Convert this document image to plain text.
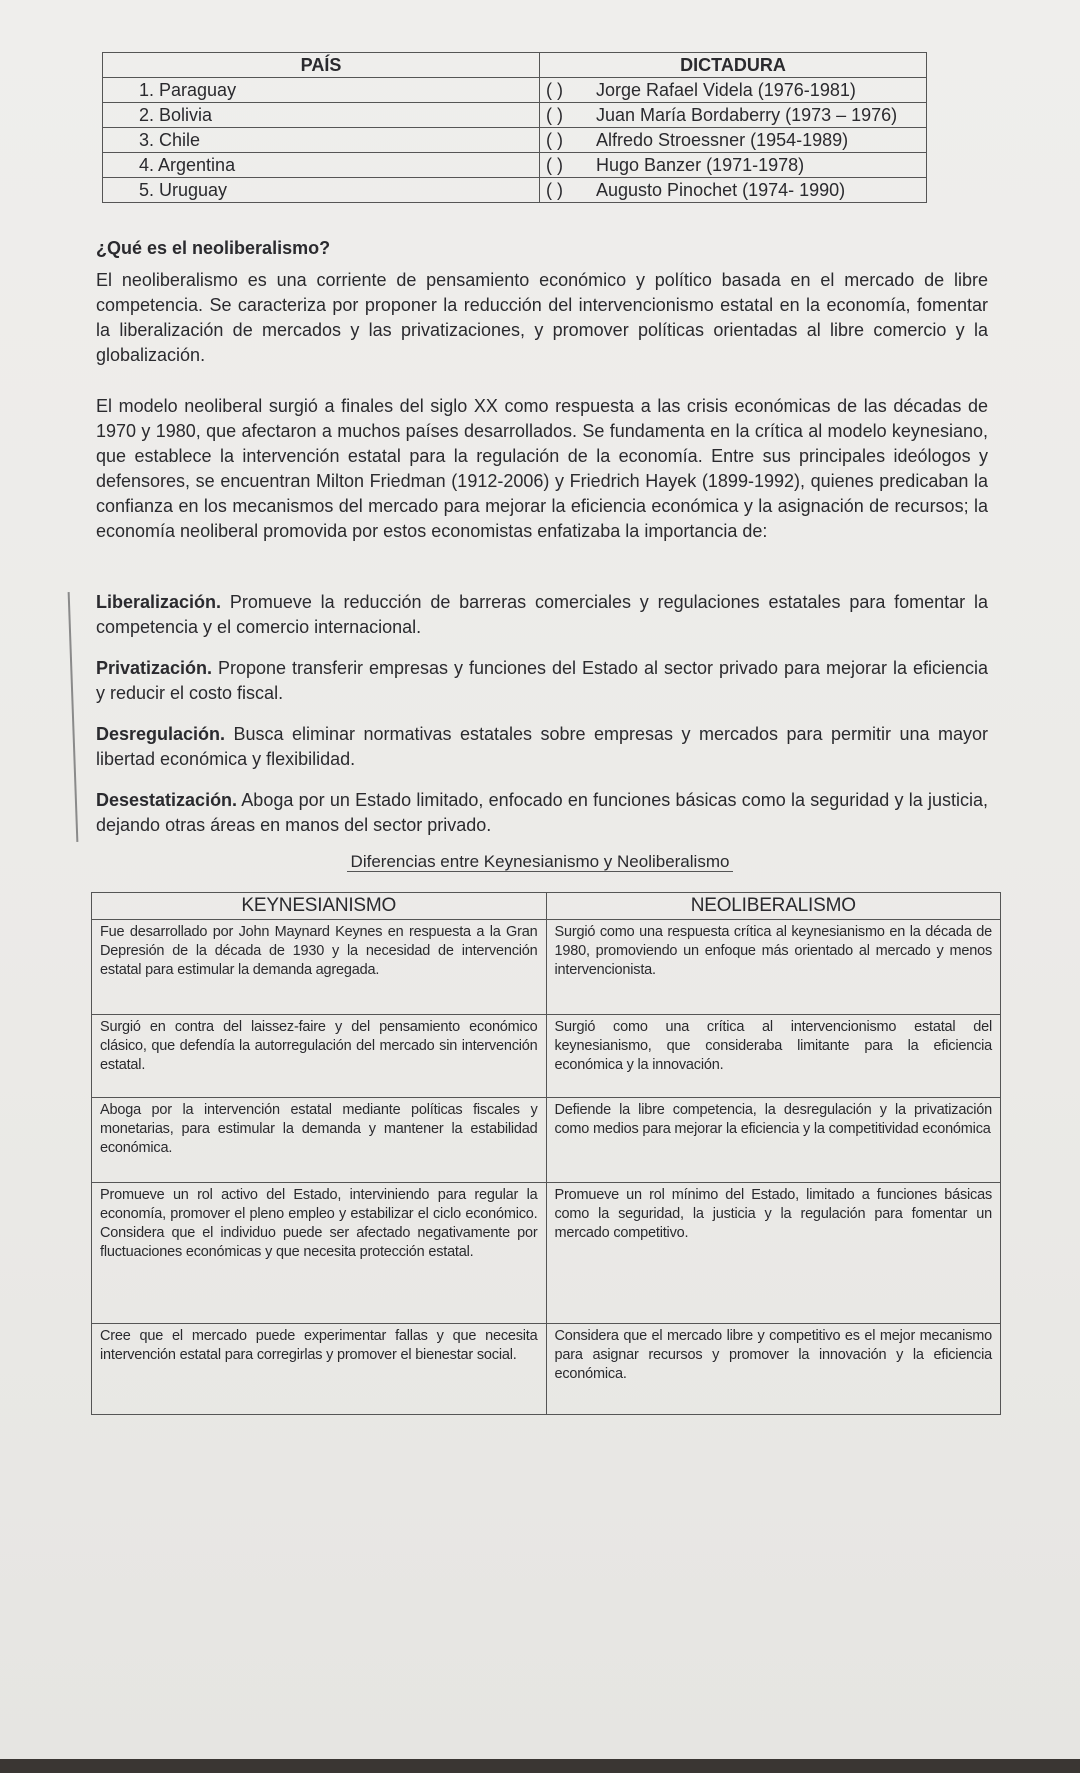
PAÍS	DICTADURA
1. Paraguay	( ) Jorge Rafael Videla (1976-1981)
2. Bolivia	( ) Juan María Bordaberry (1973 – 1976)
3. Chile	( ) Alfredo Stroessner (1954-1989)
4. Argentina	( ) Hugo Banzer (1971-1978)
5. Uruguay	( ) Augusto Pinochet (1974- 1990)
¿Qué es el neoliberalismo?

El neoliberalismo es una corriente de pensamiento económico y político basada en el mercado de libre competencia. Se caracteriza por proponer la reducción del intervencionismo estatal en la economía, fomentar la liberalización de mercados y las privatizaciones, y promover políticas orientadas al libre comercio y la globalización.

El modelo neoliberal surgió a finales del siglo XX como respuesta a las crisis económicas de las décadas de 1970 y 1980, que afectaron a muchos países desarrollados. Se fundamenta en la crítica al modelo keynesiano, que establece la intervención estatal para la regulación de la economía. Entre sus principales ideólogos y defensores, se encuentran Milton Friedman (1912-2006) y Friedrich Hayek (1899-1992), quienes predicaban la confianza en los mecanismos del mercado para mejorar la eficiencia económica y la asignación de recursos; la economía neoliberal promovida por estos economistas enfatizaba la importancia de:

Liberalización. Promueve la reducción de barreras comerciales y regulaciones estatales para fomentar la competencia y el comercio internacional.

Privatización. Propone transferir empresas y funciones del Estado al sector privado para mejorar la eficiencia y reducir el costo fiscal.

Desregulación. Busca eliminar normativas estatales sobre empresas y mercados para permitir una mayor libertad económica y flexibilidad.

Desestatización. Aboga por un Estado limitado, enfocado en funciones básicas como la seguridad y la justicia, dejando otras áreas en manos del sector privado.

Diferencias entre Keynesianismo y Neoliberalismo
KEYNESIANISMO	NEOLIBERALISMO
Fue desarrollado por John Maynard Keynes en respuesta a la Gran Depresión de la década de 1930 y la necesidad de intervención estatal para estimular la demanda agregada.	Surgió como una respuesta crítica al keynesianismo en la década de 1980, promoviendo un enfoque más orientado al mercado y menos intervencionista.
Surgió en contra del laissez-faire y del pensamiento económico clásico, que defendía la autorregulación del mercado sin intervención estatal.	Surgió como una crítica al intervencionismo estatal del keynesianismo, que consideraba limitante para la eficiencia económica y la innovación.
Aboga por la intervención estatal mediante políticas fiscales y monetarias, para estimular la demanda y mantener la estabilidad económica.	Defiende la libre competencia, la desregulación y la privatización como medios para mejorar la eficiencia y la competitividad económica
Promueve un rol activo del Estado, interviniendo para regular la economía, promover el pleno empleo y estabilizar el ciclo económico. Considera que el individuo puede ser afectado negativamente por fluctuaciones económicas y que necesita protección estatal.	Promueve un rol mínimo del Estado, limitado a funciones básicas como la seguridad, la justicia y la regulación para fomentar un mercado competitivo.
Cree que el mercado puede experimentar fallas y que necesita intervención estatal para corregirlas y promover el bienestar social.	Considera que el mercado libre y competitivo es el mejor mecanismo para asignar recursos y promover la innovación y la eficiencia económica.
